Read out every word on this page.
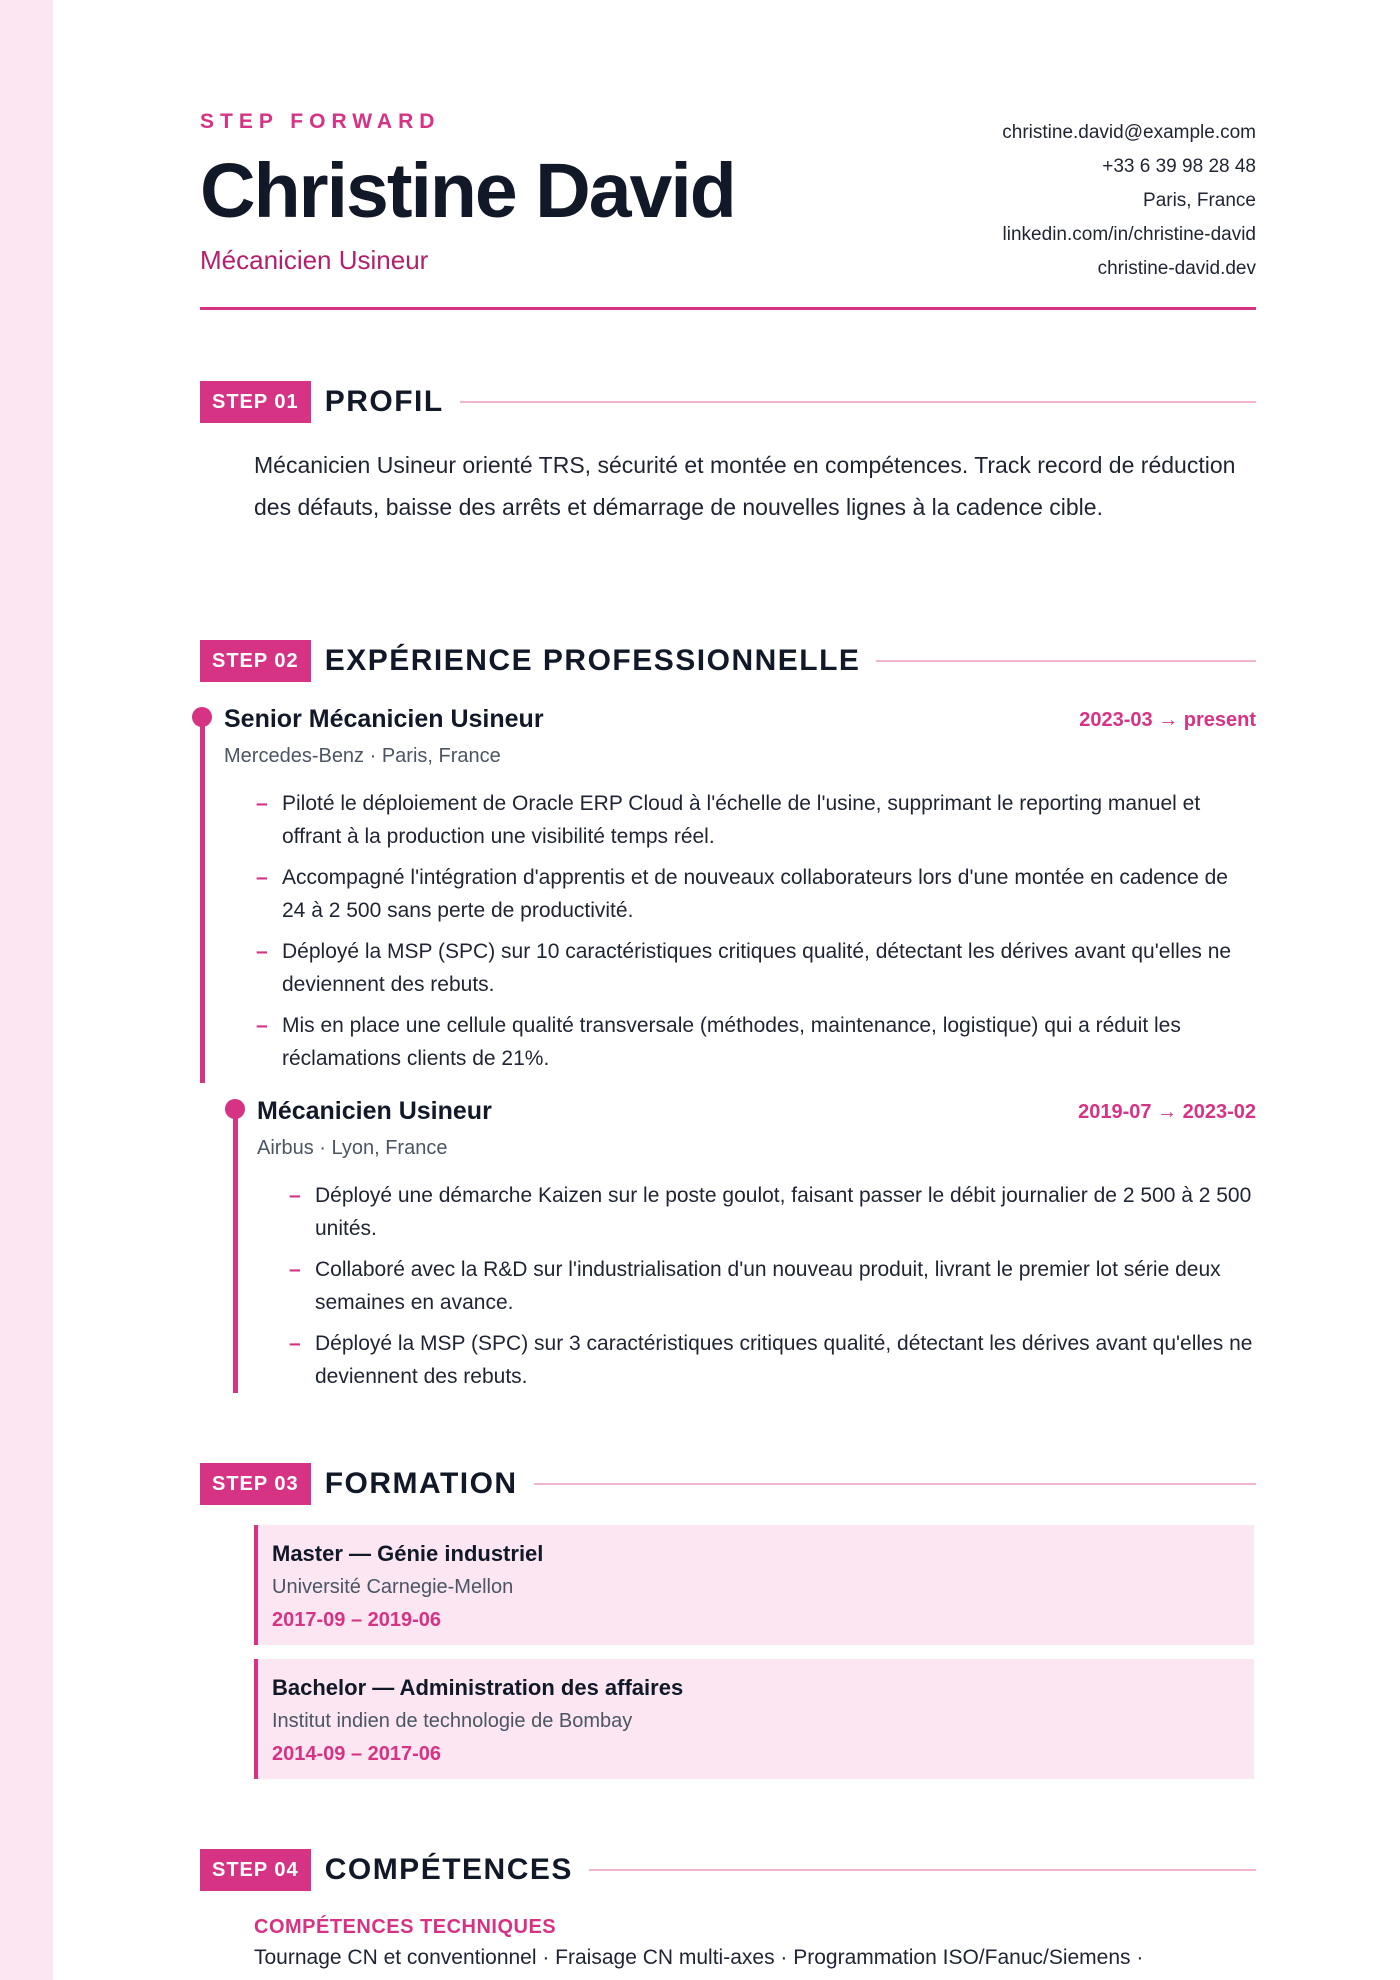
STEP FORWARD
Christine David
Mécanicien Usineur
christine.david@example.com
+33 6 39 98 28 48
Paris, France
linkedin.com/in/christine-david
christine-david.dev
STEP 01 PROFIL

Mécanicien Usineur orienté TRS, sécurité et montée en compétences. Track record de réduction des défauts, baisse des arrêts et démarrage de nouvelles lignes à la cadence cible.

STEP 02 EXPÉRIENCE PROFESSIONNELLE
Senior Mécanicien Usineur	2023-03 → present
Mercedes-Benz · Paris, France
– Piloté le déploiement de Oracle ERP Cloud à l'échelle de l'usine, supprimant le reporting manuel et offrant à la production une visibilité temps réel.
– Accompagné l'intégration d'apprentis et de nouveaux collaborateurs lors d'une montée en cadence de 24 à 2 500 sans perte de productivité.
– Déployé la MSP (SPC) sur 10 caractéristiques critiques qualité, détectant les dérives avant qu'elles ne deviennent des rebuts.
– Mis en place une cellule qualité transversale (méthodes, maintenance, logistique) qui a réduit les réclamations clients de 21%.
Mécanicien Usineur	2019-07 → 2023-02
Airbus · Lyon, France
– Déployé une démarche Kaizen sur le poste goulot, faisant passer le débit journalier de 2 500 à 2 500 unités.
– Collaboré avec la R&D sur l'industrialisation d'un nouveau produit, livrant le premier lot série deux semaines en avance.
– Déployé la MSP (SPC) sur 3 caractéristiques critiques qualité, détectant les dérives avant qu'elles ne deviennent des rebuts.
STEP 03 FORMATION
Master — Génie industriel
Université Carnegie-Mellon
2017-09 – 2019-06
Bachelor — Administration des affaires
Institut indien de technologie de Bombay
2014-09 – 2017-06
STEP 04 COMPÉTENCES
COMPÉTENCES TECHNIQUES
Tournage CN et conventionnel · Fraisage CN multi-axes · Programmation ISO/Fanuc/Siemens ·
